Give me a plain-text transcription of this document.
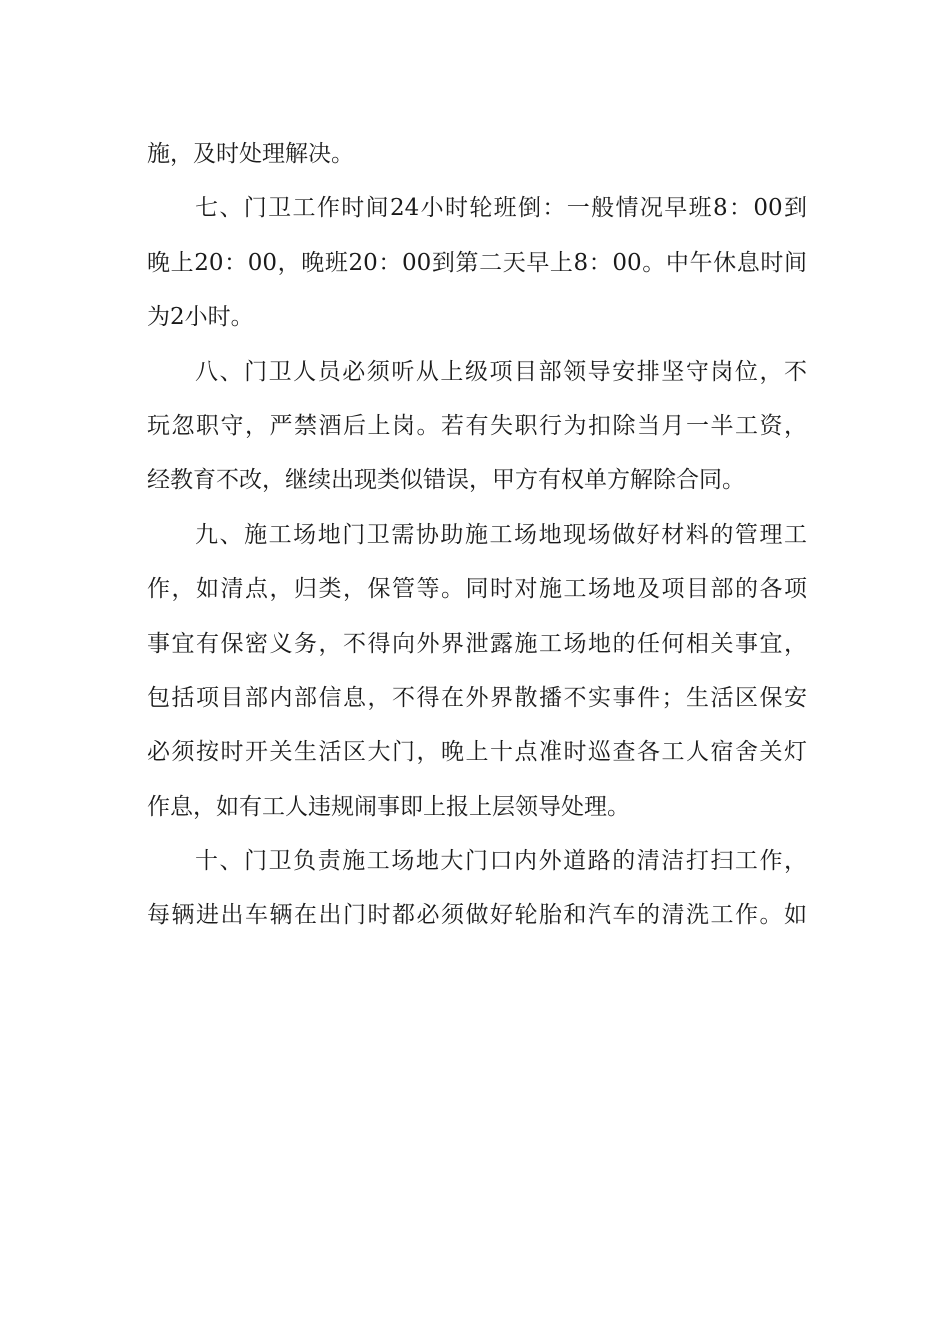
施，及时处理解决。
七、门卫工作时间24小时轮班倒：一般情况早班8：00到
晚上20：00，晚班20：00到第二天早上8：00。中午休息时间
为2小时。
八、门卫人员必须听从上级项目部领导安排坚守岗位，不
玩忽职守，严禁酒后上岗。若有失职行为扣除当月一半工资，
经教育不改，继续出现类似错误，甲方有权单方解除合同。
九、施工场地门卫需协助施工场地现场做好材料的管理工
作，如清点，归类，保管等。同时对施工场地及项目部的各项
事宜有保密义务，不得向外界泄露施工场地的任何相关事宜，
包括项目部内部信息，不得在外界散播不实事件；生活区保安
必须按时开关生活区大门，晚上十点准时巡查各工人宿舍关灯
作息，如有工人违规闹事即上报上层领导处理。
十、门卫负责施工场地大门口内外道路的清洁打扫工作，
每辆进出车辆在出门时都必须做好轮胎和汽车的清洗工作。如
